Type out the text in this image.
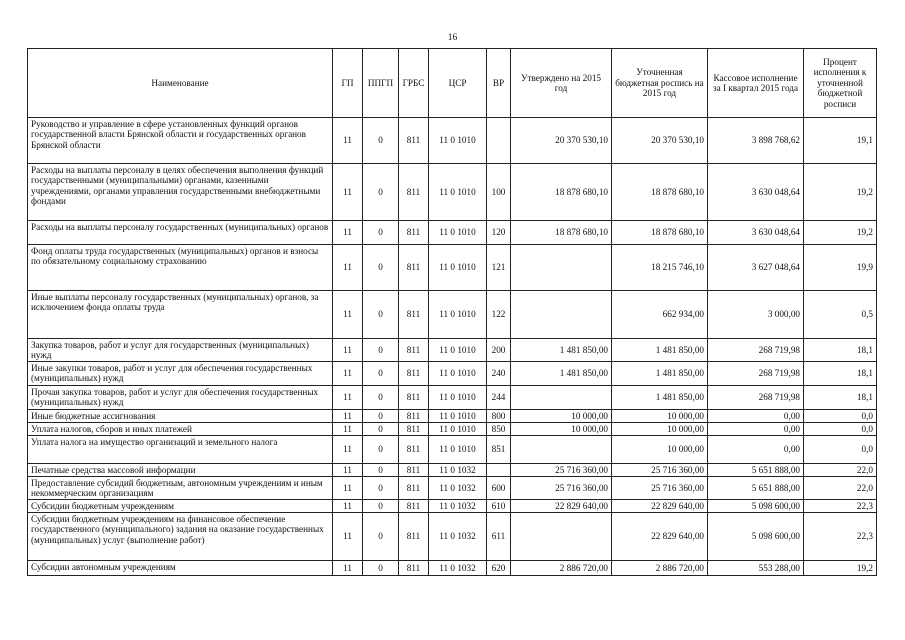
16
Наименование	ГП	ППГП	ГРБС	ЦСР	ВР	Утверждено на 2015 год	Уточненная бюджетная роспись на 2015 год	Кассовое исполнение за I квартал 2015 года	Процент исполнения к уточненной бюджетной росписи
Руководство и управление в сфере установленных функций органов государственной власти Брянской области и государственных органов Брянской области	11	0	811	11 0 1010		20 370 530,10	20 370 530,10	3 898 768,62	19,1
Расходы на выплаты персоналу в целях обеспечения выполнения функций государственными (муниципальными) органами, казенными учреждениями, органами управления государственными внебюджетными фондами	11	0	811	11 0 1010	100	18 878 680,10	18 878 680,10	3 630 048,64	19,2
Расходы на выплаты персоналу государственных (муниципальных) органов	11	0	811	11 0 1010	120	18 878 680,10	18 878 680,10	3 630 048,64	19,2
Фонд оплаты труда государственных (муниципальных) органов и взносы по обязательному социальному страхованию	11	0	811	11 0 1010	121		18 215 746,10	3 627 048,64	19,9
Иные выплаты персоналу государственных (муниципальных) органов, за исключением фонда оплаты труда	11	0	811	11 0 1010	122		662 934,00	3 000,00	0,5
Закупка товаров, работ и услуг для государственных (муниципальных) нужд	11	0	811	11 0 1010	200	1 481 850,00	1 481 850,00	268 719,98	18,1
Иные закупки товаров, работ и услуг для обеспечения государственных (муниципальных) нужд	11	0	811	11 0 1010	240	1 481 850,00	1 481 850,00	268 719,98	18,1
Прочая закупка товаров, работ и услуг для обеспечения государственных (муниципальных) нужд	11	0	811	11 0 1010	244		1 481 850,00	268 719,98	18,1
Иные бюджетные ассигнования	11	0	811	11 0 1010	800	10 000,00	10 000,00	0,00	0,0
Уплата налогов, сборов и иных платежей	11	0	811	11 0 1010	850	10 000,00	10 000,00	0,00	0,0
Уплата налога на имущество организаций и земельного налога	11	0	811	11 0 1010	851		10 000,00	0,00	0,0
Печатные средства массовой информации	11	0	811	11 0 1032		25 716 360,00	25 716 360,00	5 651 888,00	22,0
Предоставление субсидий бюджетным, автономным учреждениям и иным некоммерческим организациям	11	0	811	11 0 1032	600	25 716 360,00	25 716 360,00	5 651 888,00	22,0
Субсидии бюджетным учреждениям	11	0	811	11 0 1032	610	22 829 640,00	22 829 640,00	5 098 600,00	22,3
Субсидии бюджетным учреждениям на финансовое обеспечение государственного (муниципального) задания на оказание государственных (муниципальных) услуг (выполнение работ)	11	0	811	11 0 1032	611		22 829 640,00	5 098 600,00	22,3
Субсидии автономным учреждениям	11	0	811	11 0 1032	620	2 886 720,00	2 886 720,00	553 288,00	19,2
